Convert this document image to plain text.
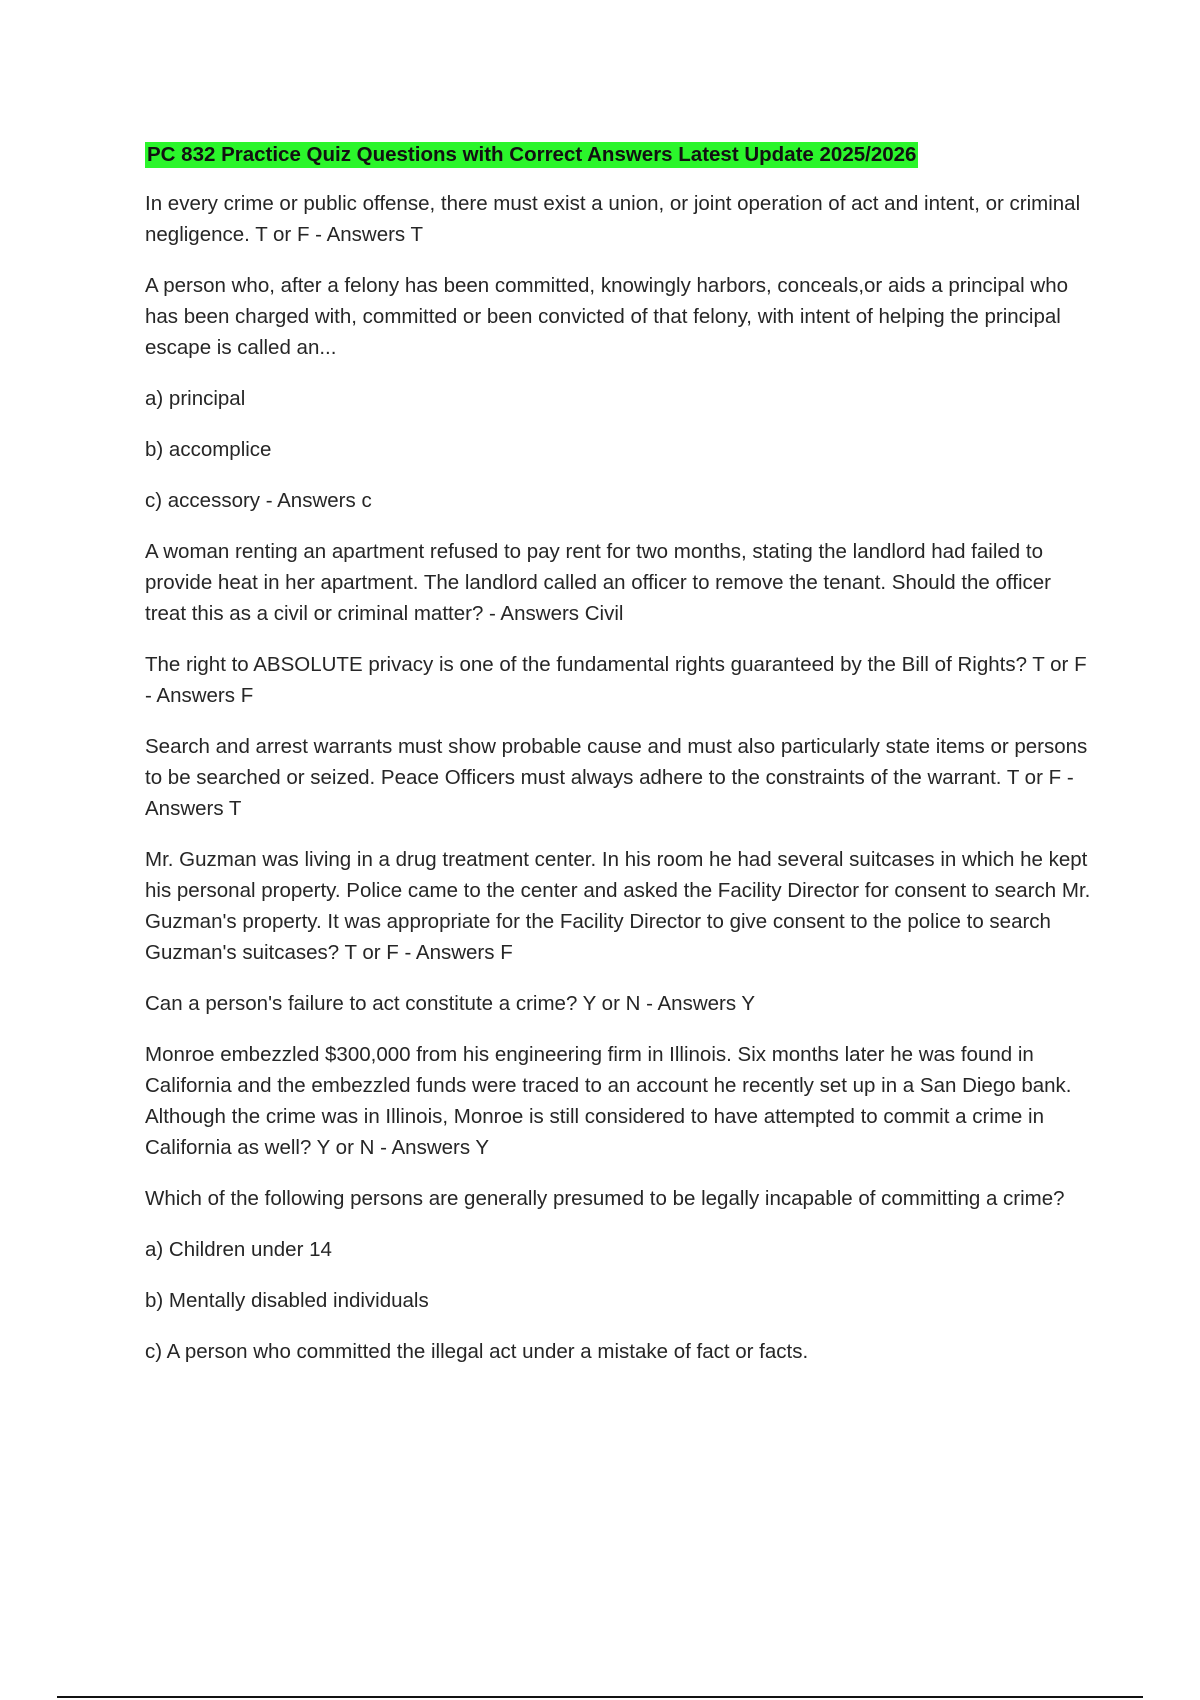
PC 832 Practice Quiz Questions with Correct Answers Latest Update 2025/2026

In every crime or public offense, there must exist a union, or joint operation of act and intent, or criminal negligence. T or F - Answers T

A person who, after a felony has been committed, knowingly harbors, conceals,or aids a principal who has been charged with, committed or been convicted of that felony, with intent of helping the principal escape is called an...

a) principal

b) accomplice

c) accessory - Answers c

A woman renting an apartment refused to pay rent for two months, stating the landlord had failed to provide heat in her apartment. The landlord called an officer to remove the tenant. Should the officer treat this as a civil or criminal matter? - Answers Civil

The right to ABSOLUTE privacy is one of the fundamental rights guaranteed by the Bill of Rights? T or F - Answers F

Search and arrest warrants must show probable cause and must also particularly state items or persons to be searched or seized. Peace Officers must always adhere to the constraints of the warrant. T or F - Answers T

Mr. Guzman was living in a drug treatment center. In his room he had several suitcases in which he kept his personal property. Police came to the center and asked the Facility Director for consent to search Mr. Guzman's property. It was appropriate for the Facility Director to give consent to the police to search Guzman's suitcases? T or F - Answers F

Can a person's failure to act constitute a crime? Y or N - Answers Y

Monroe embezzled $300,000 from his engineering firm in Illinois. Six months later he was found in California and the embezzled funds were traced to an account he recently set up in a San Diego bank. Although the crime was in Illinois, Monroe is still considered to have attempted to commit a crime in California as well? Y or N - Answers Y

Which of the following persons are generally presumed to be legally incapable of committing a crime?

a) Children under 14

b) Mentally disabled individuals

c) A person who committed the illegal act under a mistake of fact or facts.
